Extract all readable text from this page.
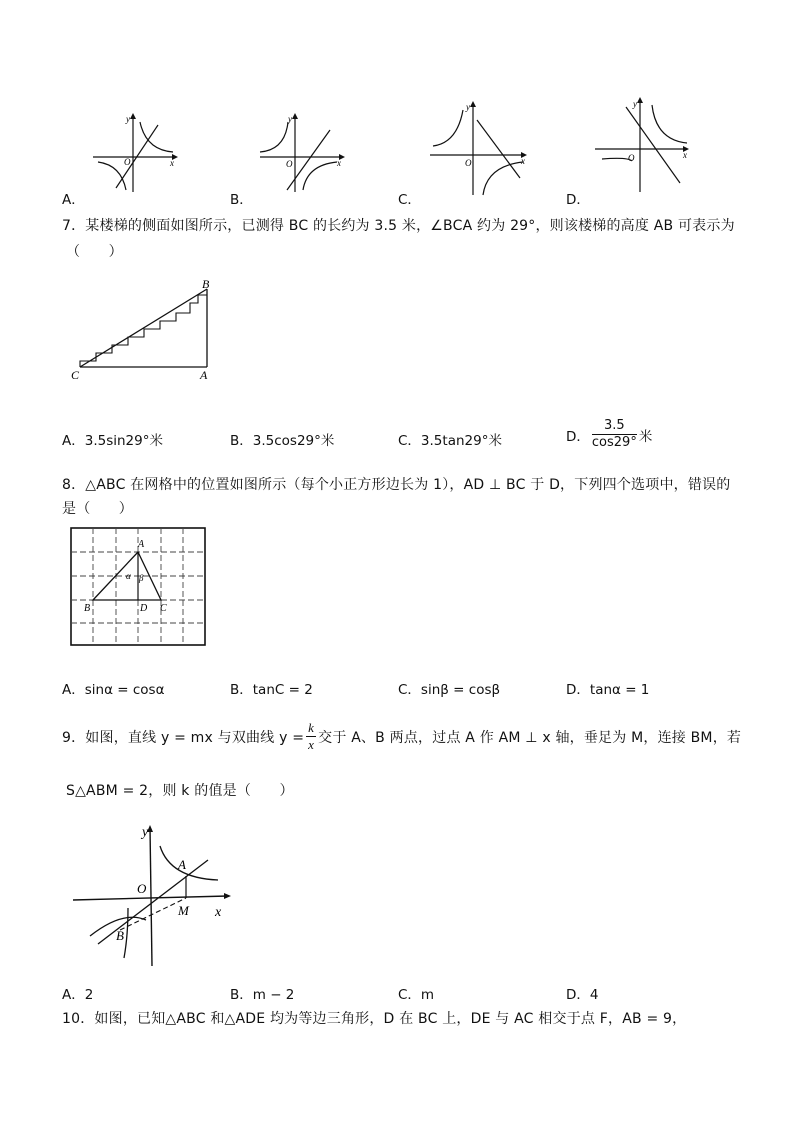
y
x
O
A．
y
x
O
B．
y
x
O
C．
y
x
O
D．
7．某楼梯的侧面如图所示，已测得 BC 的长约为 3.5 米，∠BCA 约为 29°，则该楼梯的高度 AB 可表示为
（　　）
B
C	A
A．3.5sin29°米	B．3.5cos29°米	C．3.5tan29°米	D． $\frac{3.5}{\cos 29^\circ}$ 米
8．△ABC 在网格中的位置如图所示（每个小正方形边长为 1），AD ⊥ BC 于 D，下列四个选项中，错误的
是（　　）
A
B	D C
α β
A．sinα = cosα	B．tanC = 2	C．sinβ = cosβ	D．tanα = 1
9．如图，直线 y = mx 与双曲线 $y = \frac{k}{x}$ 交于 A、B 两点，过点 A 作 AM ⊥ x 轴，垂足为 M，连接 BM，若
S△ABM = 2，则 k 的值是（　　）
y
x
O
A
B
M
A．2	B．m − 2	C．m	D．4
10．如图，已知△ABC 和△ADE 均为等边三角形，D 在 BC 上，DE 与 AC 相交于点 F，AB = 9，
